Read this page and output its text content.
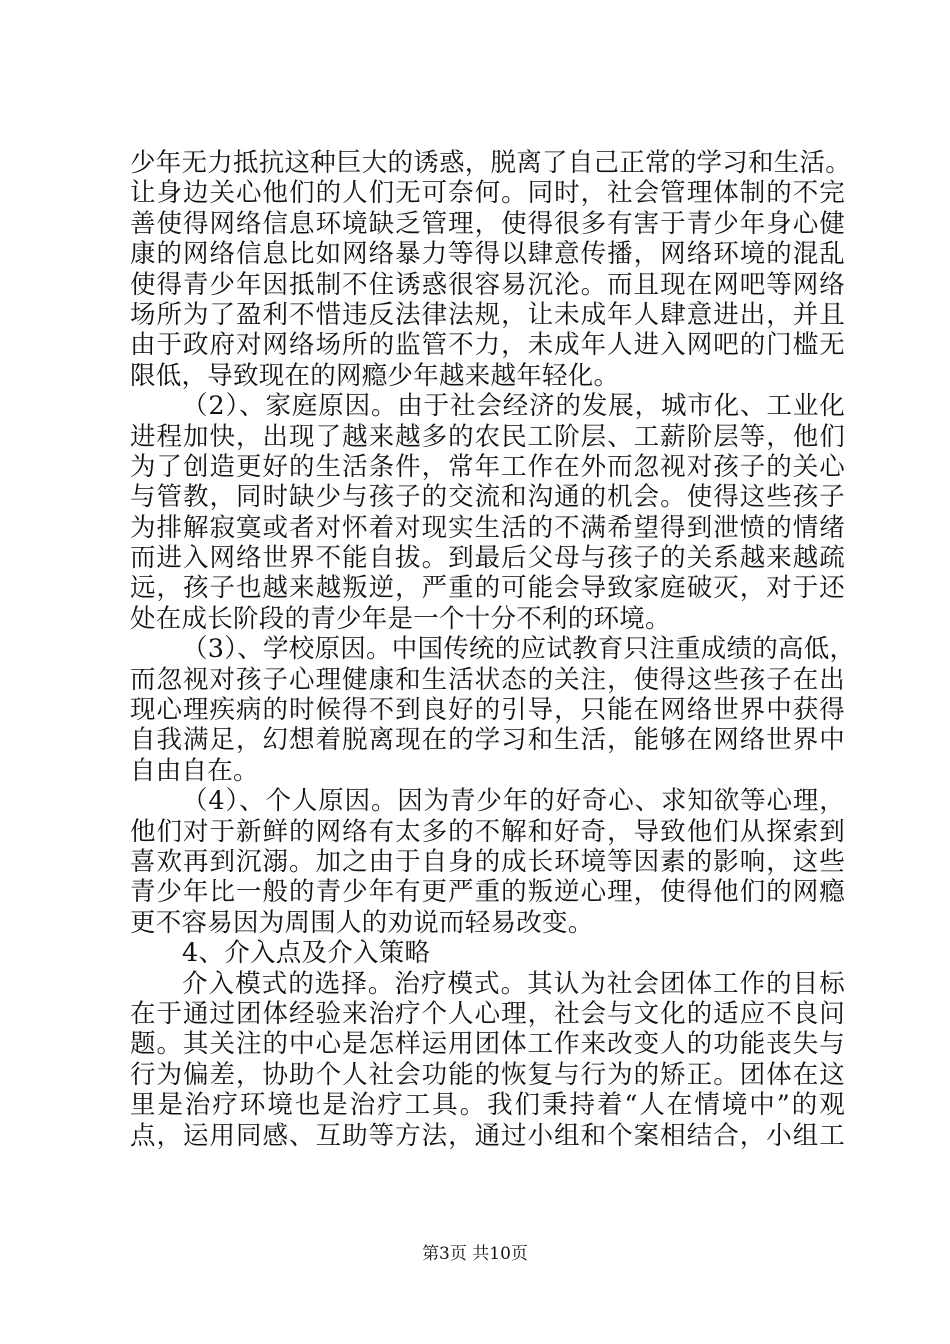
少年无力抵抗这种巨大的诱惑，脱离了自己正常的学习和生活。
让身边关心他们的人们无可奈何。同时，社会管理体制的不完
善使得网络信息环境缺乏管理，使得很多有害于青少年身心健
康的网络信息比如网络暴力等得以肆意传播，网络环境的混乱
使得青少年因抵制不住诱惑很容易沉沦。而且现在网吧等网络
场所为了盈利不惜违反法律法规，让未成年人肆意进出，并且
由于政府对网络场所的监管不力，未成年人进入网吧的门槛无
限低，导致现在的网瘾少年越来越年轻化。
（2）、家庭原因。由于社会经济的发展，城市化、工业化
进程加快，出现了越来越多的农民工阶层、工薪阶层等，他们
为了创造更好的生活条件，常年工作在外而忽视对孩子的关心
与管教，同时缺少与孩子的交流和沟通的机会。使得这些孩子
为排解寂寞或者对怀着对现实生活的不满希望得到泄愤的情绪
而进入网络世界不能自拔。到最后父母与孩子的关系越来越疏
远，孩子也越来越叛逆，严重的可能会导致家庭破灭，对于还
处在成长阶段的青少年是一个十分不利的环境。
（3）、学校原因。中国传统的应试教育只注重成绩的高低，
而忽视对孩子心理健康和生活状态的关注，使得这些孩子在出
现心理疾病的时候得不到良好的引导，只能在网络世界中获得
自我满足，幻想着脱离现在的学习和生活，能够在网络世界中
自由自在。
（4）、个人原因。因为青少年的好奇心、求知欲等心理，
他们对于新鲜的网络有太多的不解和好奇，导致他们从探索到
喜欢再到沉溺。加之由于自身的成长环境等因素的影响，这些
青少年比一般的青少年有更严重的叛逆心理，使得他们的网瘾
更不容易因为周围人的劝说而轻易改变。
4、介入点及介入策略
介入模式的选择。治疗模式。其认为社会团体工作的目标
在于通过团体经验来治疗个人心理，社会与文化的适应不良问
题。其关注的中心是怎样运用团体工作来改变人的功能丧失与
行为偏差，协助个人社会功能的恢复与行为的矫正。团体在这
里是治疗环境也是治疗工具。我们秉持着“人在情境中”的观
点，运用同感、互助等方法，通过小组和个案相结合，小组工
第3页 共10页
